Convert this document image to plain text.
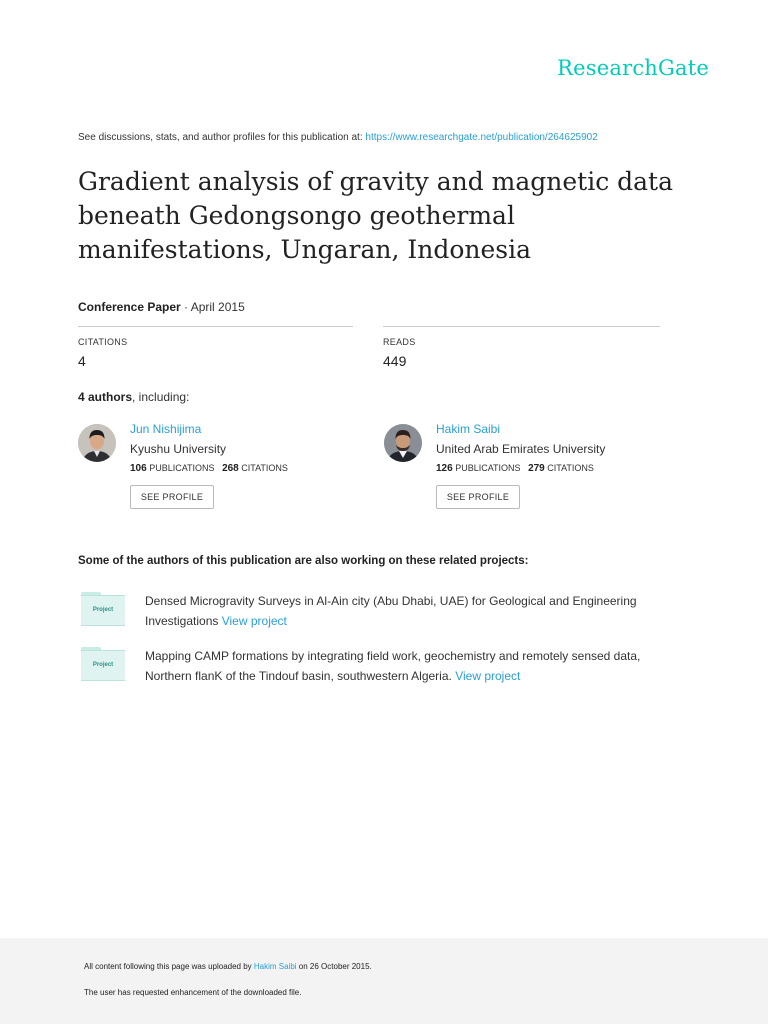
ResearchGate
See discussions, stats, and author profiles for this publication at: https://www.researchgate.net/publication/264625902
Gradient analysis of gravity and magnetic data
beneath Gedongsongo geothermal
manifestations, Ungaran, Indonesia
Conference Paper · April 2015
CITATIONS
4
READS
449
4 authors, including:
Jun Nishijima
Kyushu University
106 PUBLICATIONS 268 CITATIONS
SEE PROFILE
Hakim Saibi
United Arab Emirates University
126 PUBLICATIONS 279 CITATIONS
SEE PROFILE
Some of the authors of this publication are also working on these related projects:
Project
Densed Microgravity Surveys in Al-Ain city (Abu Dhabi, UAE) for Geological and Engineering Investigations View project
Project
Mapping CAMP formations by integrating field work, geochemistry and remotely sensed data, Northern flanK of the Tindouf basin, southwestern Algeria. View project
All content following this page was uploaded by Hakim Saibi on 26 October 2015.
The user has requested enhancement of the downloaded file.
